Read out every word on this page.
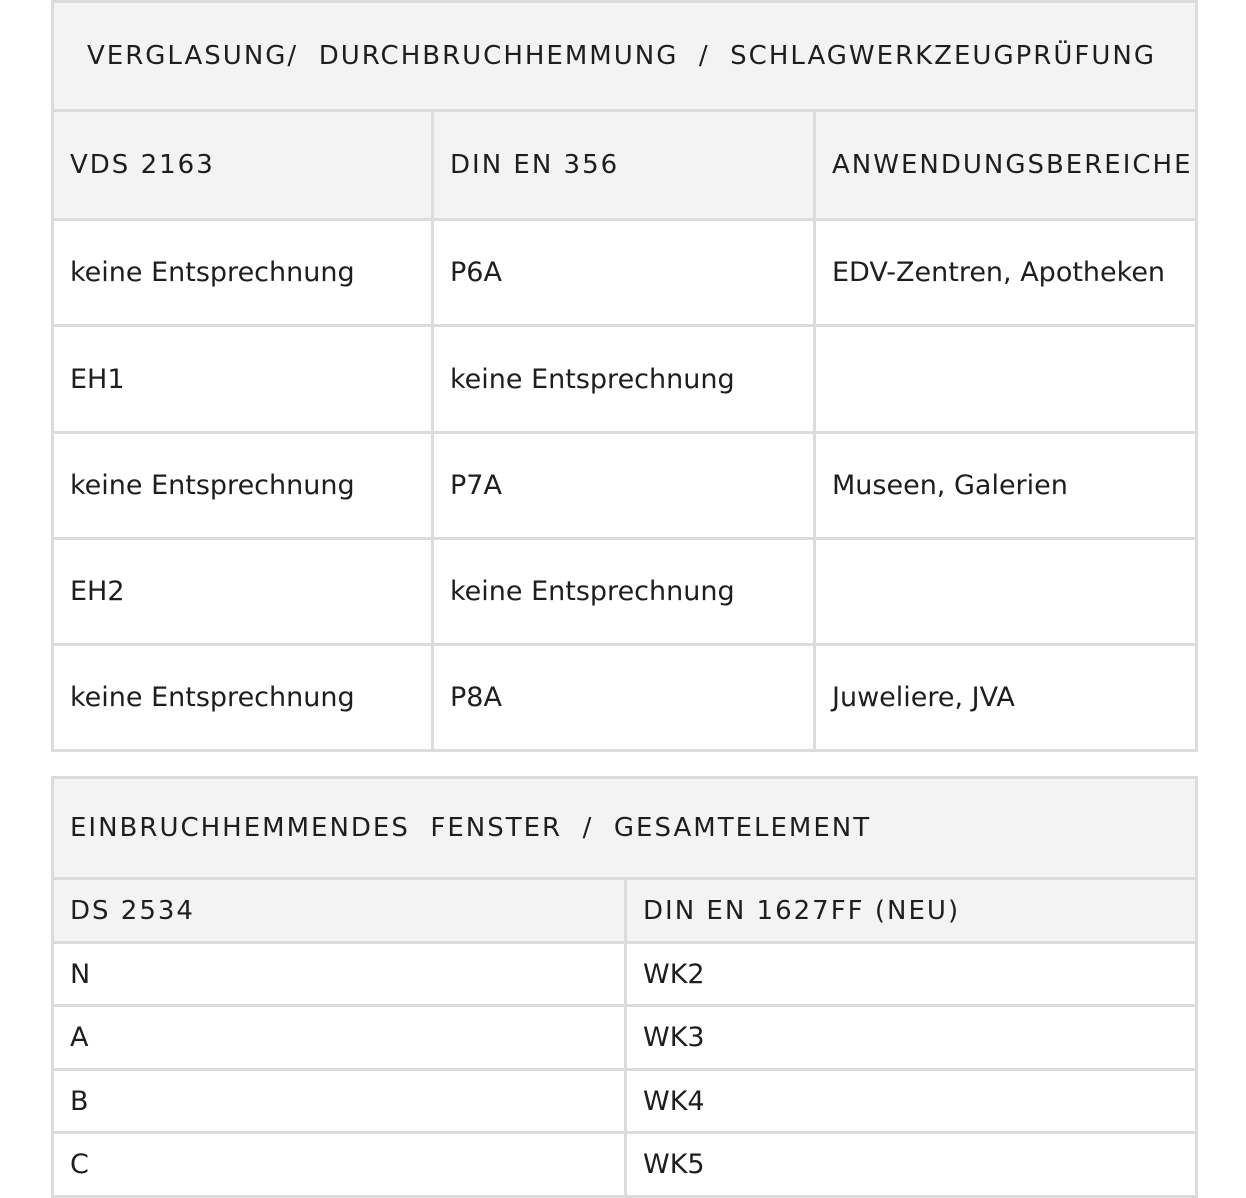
VERGLASUNG/  DURCHBRUCHHEMMUNG  /  SCHLAGWERKZEUGPRÜFUNG		
VDS 2163	DIN EN 356	ANWENDUNGSBEREICHE
keine Entsprechnung	P6A	EDV-Zentren, Apotheken
EH1	keine Entsprechnung	
keine Entsprechnung	P7A	Museen, Galerien
EH2	keine Entsprechnung	
keine Entsprechnung	P8A	Juweliere, JVA
EINBRUCHHEMMENDES  FENSTER  /  GESAMTELEMENT	
DS 2534	DIN EN 1627FF (NEU)
N	WK2
A	WK3
B	WK4
C	WK5
